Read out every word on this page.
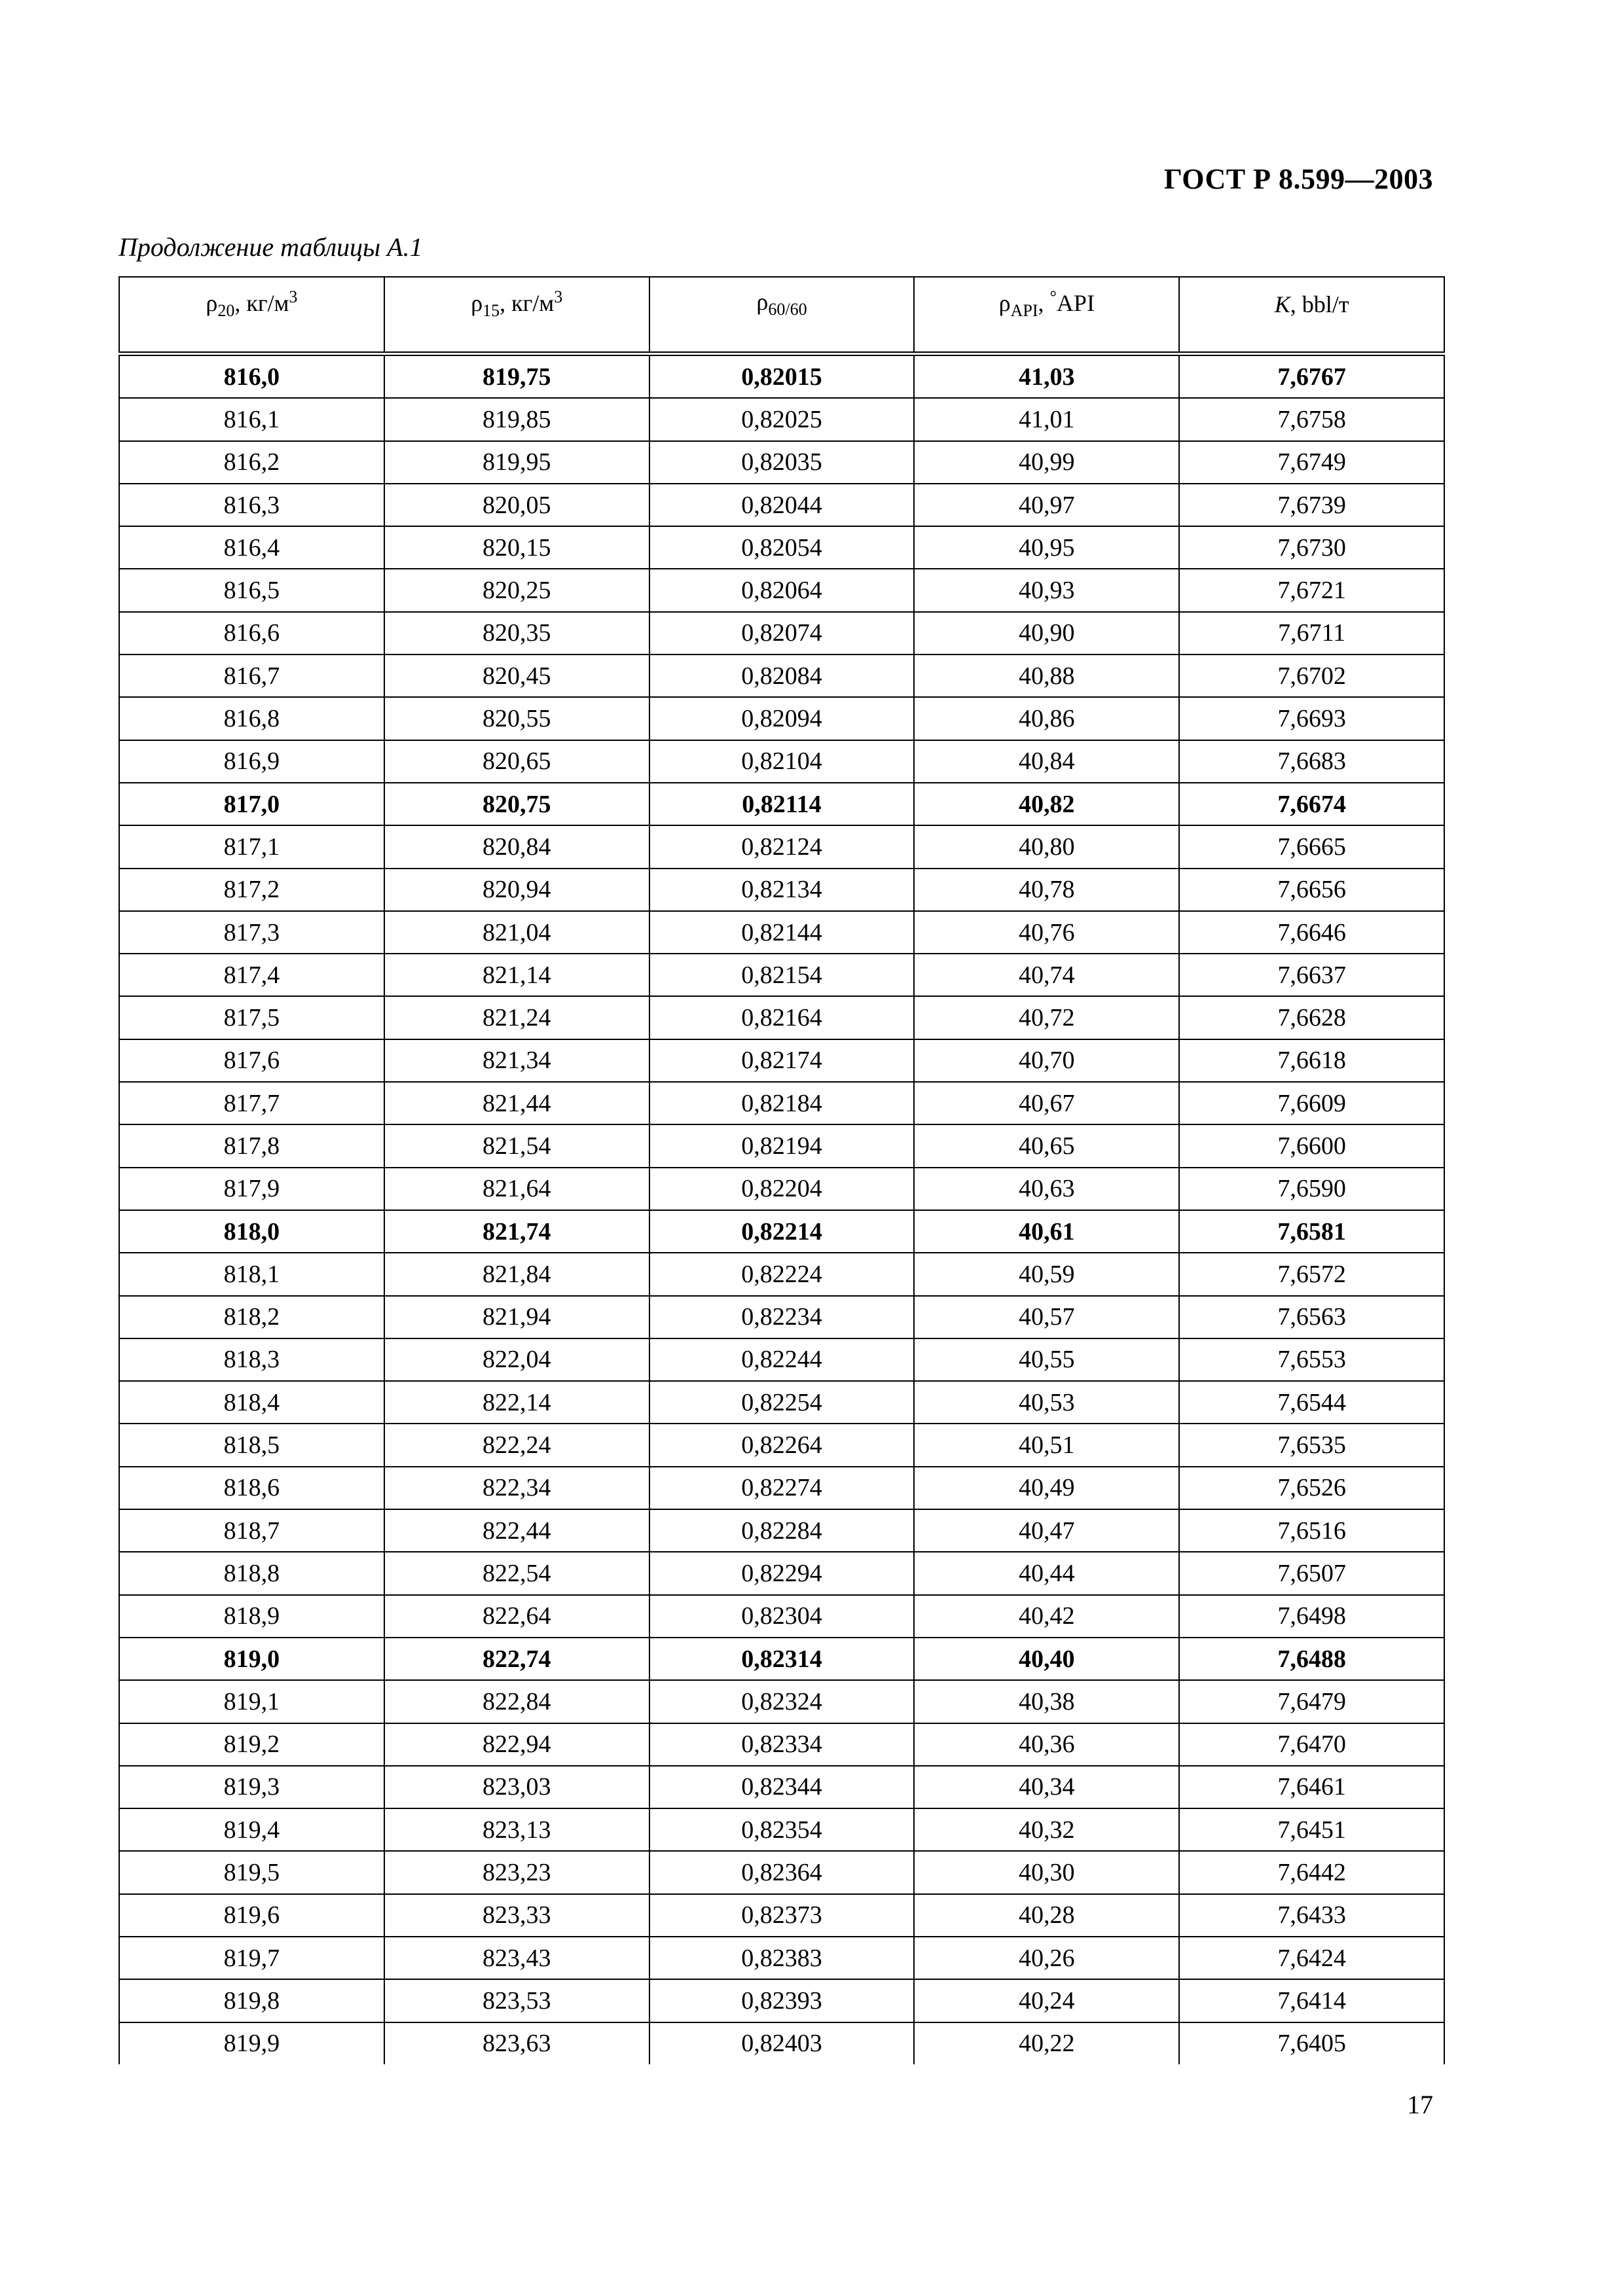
ГОСТ Р 8.599—2003
Продолжение таблицы А.1
$\rho_{20}$, $кг/м^3$	$\rho_{15}$, $кг/м^3$	$\rho_{60/60}$	$\rho_{API}$, °API	K, bbl/т
816,0	819,75	0,82015	41,03	7,6767
816,1	819,85	0,82025	41,01	7,6758
816,2	819,95	0,82035	40,99	7,6749
816,3	820,05	0,82044	40,97	7,6739
816,4	820,15	0,82054	40,95	7,6730
816,5	820,25	0,82064	40,93	7,6721
816,6	820,35	0,82074	40,90	7,6711
816,7	820,45	0,82084	40,88	7,6702
816,8	820,55	0,82094	40,86	7,6693
816,9	820,65	0,82104	40,84	7,6683
817,0	820,75	0,82114	40,82	7,6674
817,1	820,84	0,82124	40,80	7,6665
817,2	820,94	0,82134	40,78	7,6656
817,3	821,04	0,82144	40,76	7,6646
817,4	821,14	0,82154	40,74	7,6637
817,5	821,24	0,82164	40,72	7,6628
817,6	821,34	0,82174	40,70	7,6618
817,7	821,44	0,82184	40,67	7,6609
817,8	821,54	0,82194	40,65	7,6600
817,9	821,64	0,82204	40,63	7,6590
818,0	821,74	0,82214	40,61	7,6581
818,1	821,84	0,82224	40,59	7,6572
818,2	821,94	0,82234	40,57	7,6563
818,3	822,04	0,82244	40,55	7,6553
818,4	822,14	0,82254	40,53	7,6544
818,5	822,24	0,82264	40,51	7,6535
818,6	822,34	0,82274	40,49	7,6526
818,7	822,44	0,82284	40,47	7,6516
818,8	822,54	0,82294	40,44	7,6507
818,9	822,64	0,82304	40,42	7,6498
819,0	822,74	0,82314	40,40	7,6488
819,1	822,84	0,82324	40,38	7,6479
819,2	822,94	0,82334	40,36	7,6470
819,3	823,03	0,82344	40,34	7,6461
819,4	823,13	0,82354	40,32	7,6451
819,5	823,23	0,82364	40,30	7,6442
819,6	823,33	0,82373	40,28	7,6433
819,7	823,43	0,82383	40,26	7,6424
819,8	823,53	0,82393	40,24	7,6414
819,9	823,63	0,82403	40,22	7,6405
17
